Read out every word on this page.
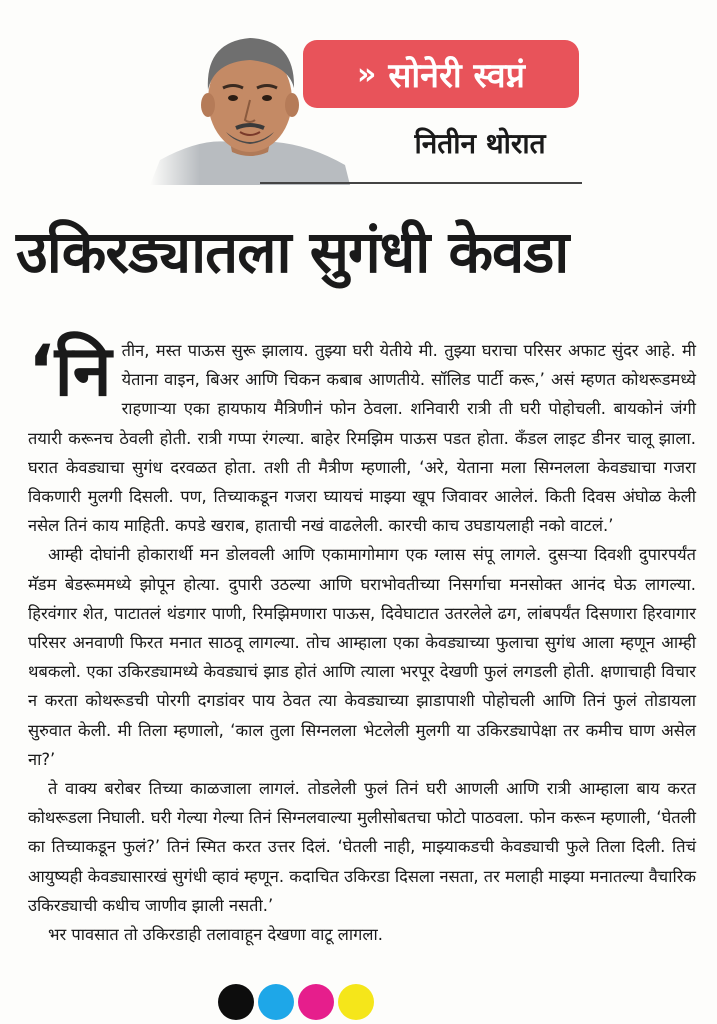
» सोनेरी स्वप्नं
नितीन थोरात
उकिरड्यातला सुगंधी केवडा

‘नितीन, मस्त पाऊस सुरू झालाय. तुझ्या घरी येतीये मी. तुझ्या घराचा परिसर अफाट सुंदर आहे. मी येताना वाइन, बिअर आणि चिकन कबाब आणतीये. सॉलिड पार्टी करू,’ असं म्हणत कोथरूडमध्ये राहणाऱ्या एका हायफाय मैत्रिणीनं फोन ठेवला. शनिवारी रात्री ती घरी पोहोचली. बायकोनं जंगी तयारी करूनच ठेवली होती. रात्री गप्पा रंगल्या. बाहेर रिमझिम पाऊस पडत होता. कँडल लाइट डीनर चालू झाला. घरात केवड्याचा सुगंध दरवळत होता. तशी ती मैत्रीण म्हणाली, ‘अरे, येताना मला सिग्नलला केवड्याचा गजरा विकणारी मुलगी दिसली. पण, तिच्याकडून गजरा घ्यायचं माझ्या खूप जिवावर आलेलं. किती दिवस अंघोळ केली नसेल तिनं काय माहिती. कपडे खराब, हाताची नखं वाढलेली. कारची काच उघडायलाही नको वाटलं.’

आम्ही दोघांनी होकारार्थी मन डोलवली आणि एकामागोमाग एक ग्लास संपू लागले. दुसऱ्या दिवशी दुपारपर्यंत मॅडम बेडरूममध्ये झोपून होत्या. दुपारी उठल्या आणि घराभोवतीच्या निसर्गाचा मनसोक्त आनंद घेऊ लागल्या. हिरवंगार शेत, पाटातलं थंडगार पाणी, रिमझिमणारा पाऊस, दिवेघाटात उतरलेले ढग, लांबपर्यंत दिसणारा हिरवागार परिसर अनवाणी फिरत मनात साठवू लागल्या. तोच आम्हाला एका केवड्याच्या फुलाचा सुगंध आला म्हणून आम्ही थबकलो. एका उकिरड्यामध्ये केवड्याचं झाड होतं आणि त्याला भरपूर देखणी फुलं लगडली होती. क्षणाचाही विचार न करता कोथरूडची पोरगी दगडांवर पाय ठेवत त्या केवड्याच्या झाडापाशी पोहोचली आणि तिनं फुलं तोडायला सुरुवात केली. मी तिला म्हणालो, ‘काल तुला सिग्नलला भेटलेली मुलगी या उकिरड्यापेक्षा तर कमीच घाण असेल ना?’

ते वाक्य बरोबर तिच्या काळजाला लागलं. तोडलेली फुलं तिनं घरी आणली आणि रात्री आम्हाला बाय करत कोथरूडला निघाली. घरी गेल्या गेल्या तिनं सिग्नलवाल्या मुलीसोबतचा फोटो पाठवला. फोन करून म्हणाली, ‘घेतली का तिच्याकडून फुलं?’ तिनं स्मित करत उत्तर दिलं. ‘घेतली नाही, माझ्याकडची केवड्याची फुले तिला दिली. तिचं आयुष्यही केवड्यासारखं सुगंधी व्हावं म्हणून. कदाचित उकिरडा दिसला नसता, तर मलाही माझ्या मनातल्या वैचारिक उकिरड्याची कधीच जाणीव झाली नसती.’

भर पावसात तो उकिरडाही तलावाहून देखणा वाटू लागला.
